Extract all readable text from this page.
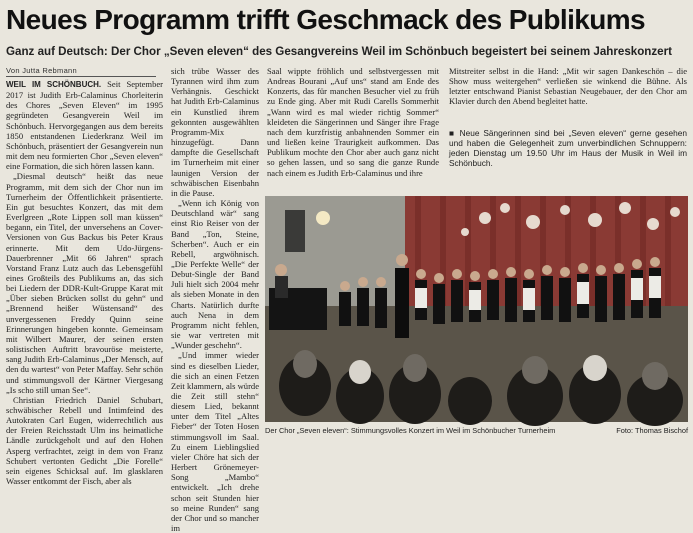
Neues Programm trifft Geschmack des Publikums
Ganz auf Deutsch: Der Chor „Seven eleven“ des Gesangvereins Weil im Schönbuch begeistert bei seinem Jahreskonzert
Von Jutta Rebmann

WEIL IM SCHÖNBUCH. Seit September 2017 ist Judith Erb-Calaminus Chorleiterin des Chores „Seven Eleven“ im 1995 gegründeten Gesangverein Weil im Schönbuch. Hervorgegangen aus dem bereits 1850 entstandenen Liederkranz Weil im Schönbuch, präsentiert der Gesangverein nun mit dem neu formierten Chor „Seven eleven“ eine Formation, die sich hören lassen kann.

„Diesmal deutsch“ heißt das neue Programm, mit dem sich der Chor nun im Turnerheim der Öffentlichkeit präsentierte. Ein gut besuchtes Konzert, das mit dem Everlgreen „Rote Lippen soll man küssen“ begann, ein Titel, der unversehens an Cover-Versionen von Gus Backus bis Peter Kraus erinnerte. Mit dem Udo-Jürgens-Dauerbrenner „Mit 66 Jahren“ sprach Vorstand Franz Lutz auch das Lebensgefühl eines Großteils des Publikums an, das sich bei Liedern der DDR-Kult-Gruppe Karat mit „Über sieben Brücken sollst du gehn“ und „Brennend heißer Wüstensand“ des unvergessenen Freddy Quinn seine Erinnerungen hingeben konnte. Gemeinsam mit Wilbert Maurer, der seinen ersten solistischen Auftritt bravouröse meisterte, sang Judith Erb-Calaminus „Der Mensch, auf den du wartest“ von Peter Maffay. Sehr schön und stimmungsvoll der Kärtner Viergesang „Is scho still uman See“.

Christian Friedrich Daniel Schubart, schwäbischer Rebell und Intimfeind des Autokraten Carl Eugen, widerrechtlich aus der Freien Reichsstadt Ulm ins heimatliche Ländle zurückgeholt und auf den Hohen Asperg verfrachtet, zeigt in dem von Franz Schubert vertonten Gedicht „Die Forelle“ sein eigenes Schicksal auf. Im glasklaren Wasser entkommt der Fisch, aber als

sich trübe Wasser des Tyrannen wird ihm zum Verhängnis. Geschickt hat Judith Erb-Calaminus ein Kunstlied ihrem gekonnten ausgewählten Programm-Mix hinzugefügt. Dann dampfte die Gesellschaft im Turnerheim mit einer launigen Version der schwäbischen Eisenbahn in die Pause.

„Wenn ich König von Deutschland wär“ sang einst Rio Reiser von der Band „Ton, Steine, Scherben“. Auch er ein Rebell, argwöhnisch. „Die Perfekte Welle“ der Debut-Single der Band Juli hielt sich 2004 mehr als sieben Monate in den Charts. Natürlich durfte auch Nena in dem Programm nicht fehlen, sie war vertreten mit „Wunder geschehn“.

„Und immer wieder sind es dieselben Lieder, die sich an einen Fetzen Zeit klammern, als würde die Zeit still stehn“ diesem Lied, bekannt unter dem Titel „Altes Fieber“ der Toten Hosen stimmungsvoll im Saal. Zu einem Lieblingslied vieler Chöre hat sich der Herbert Grönemeyer-Song „Mambo“ entwickelt. „Ich drehe schon seit Stunden hier so meine Runden“ sang der Chor und so mancher im

Saal wippte fröhlich und selbstvergessen mit Andreas Bourani „Auf uns“ stand am Ende des Konzerts, das für manchen Besucher viel zu früh zu Ende ging. Aber mit Rudi Carells Sommerhit „Wann wird es mal wieder richtig Sommer“ kleideten die Sängerinnen und Sänger ihre Frage nach dem kurzfristig anbahnenden Sommer ein und ließen keine Traurigkeit aufkommen. Das Publikum mochte den Chor aber auch ganz nicht so gehen lassen, und so sang die ganze Runde nach einem es Judith Erb-Calaminus und ihre

Mitstreiter selbst in die Hand: „Mit wir sagen Dankeschön – die Show muss weitergehen“ verließen sie winkend die Bühne. Als letzter entschwand Pianist Sebastian Neugebauer, der den Chor am Klavier durch den Abend begleitet hatte.

■ Neue Sängerinnen sind bei „Seven eleven“ gerne gesehen und haben die Gelegenheit zum unverbindlichen Schnuppern: jeden Dienstag um 19.50 Uhr im Haus der Musik in Weil im Schönbuch.
Der Chor „Seven eleven“: Stimmungsvolles Konzert im Weil im Schönbucher Turnerheim	Foto: Thomas Bischof
